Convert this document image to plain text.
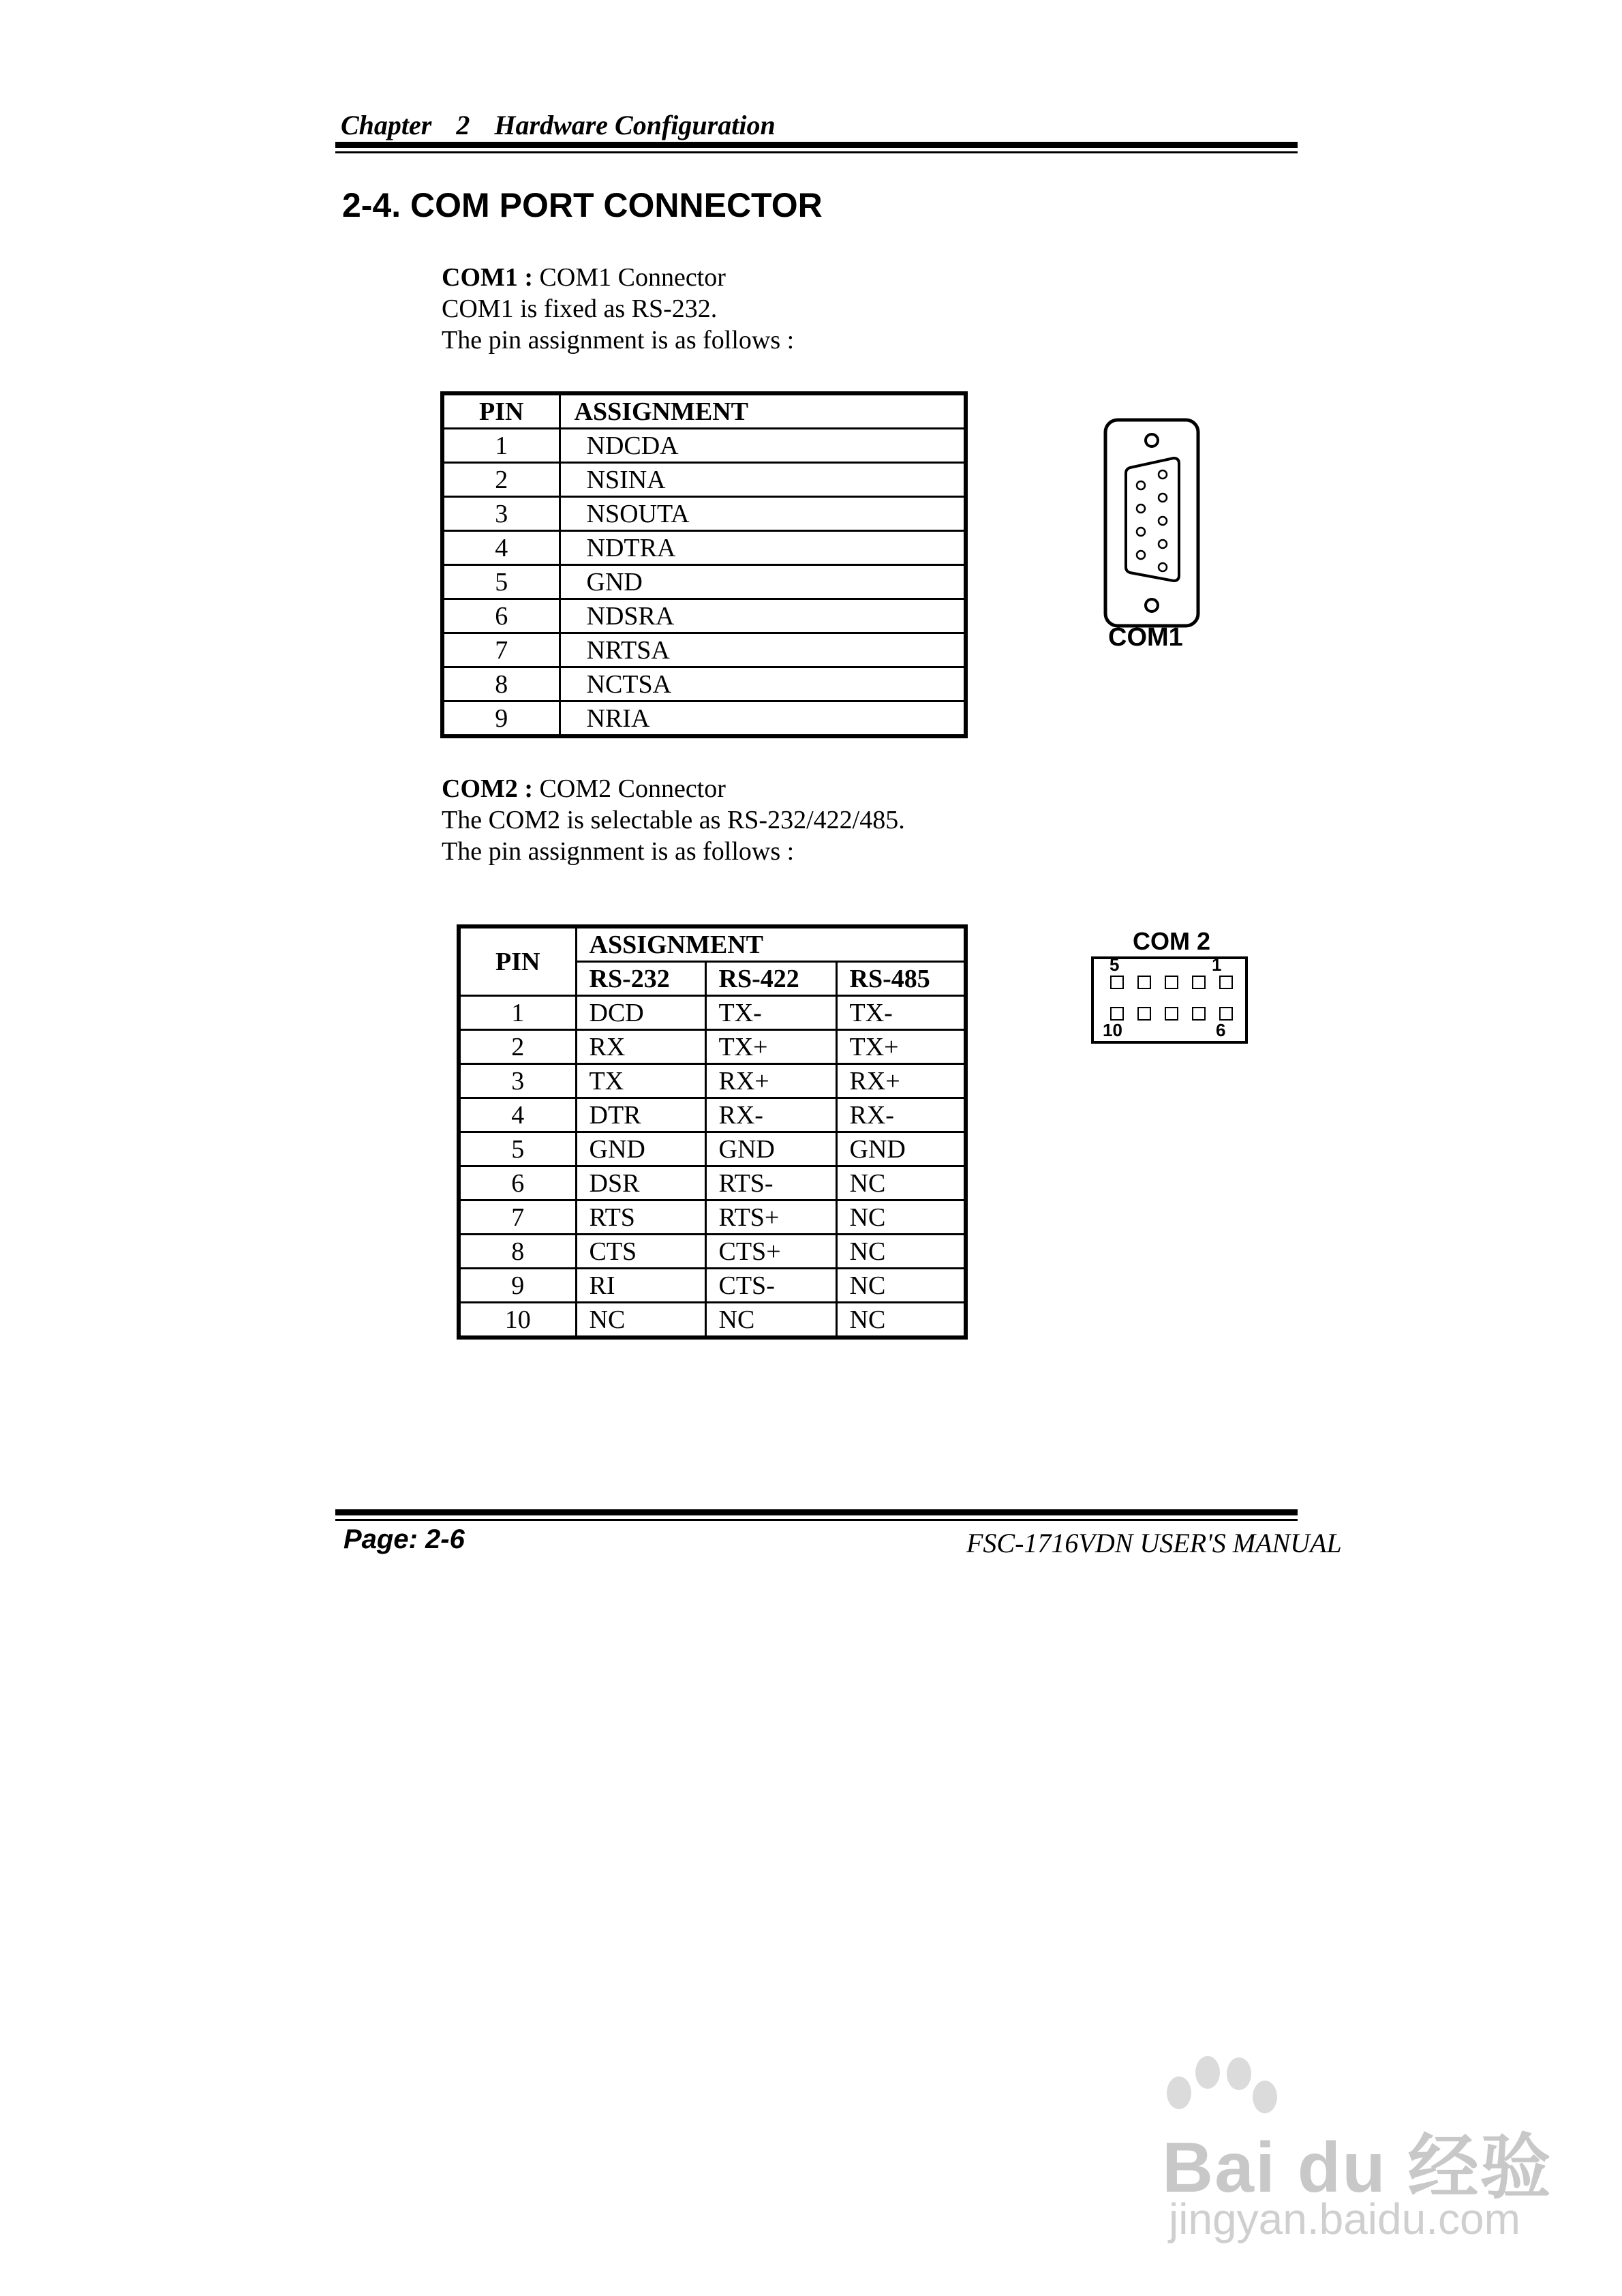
Chapter 2 Hardware Configuration
2-4. COM PORT CONNECTOR
COM1 : COM1 Connector
COM1 is fixed as RS-232.
The pin assignment is as follows :
PIN	ASSIGNMENT
1	NDCDA
2	NSINA
3	NSOUTA
4	NDTRA
5	GND
6	NDSRA
7	NRTSA
8	NCTSA
9	NRIA
COM1
COM2 : COM2 Connector
The COM2 is selectable as RS-232/422/485.
The pin assignment is as follows :
PIN	ASSIGNMENT		
	RS-232	RS-422	RS-485
1	DCD	TX-	TX-
2	RX	TX+	TX+
3	TX	RX+	RX+
4	DTR	RX-	RX-
5	GND	GND	GND
6	DSR	RTS-	NC
7	RTS	RTS+	NC
8	CTS	CTS+	NC
9	RI	CTS-	NC
10	NC	NC	NC
COM 2
5	1
10	6
Page: 2-6	FSC-1716VDN USER'S MANUAL
Bai du 经验
jingyan.baidu.com
